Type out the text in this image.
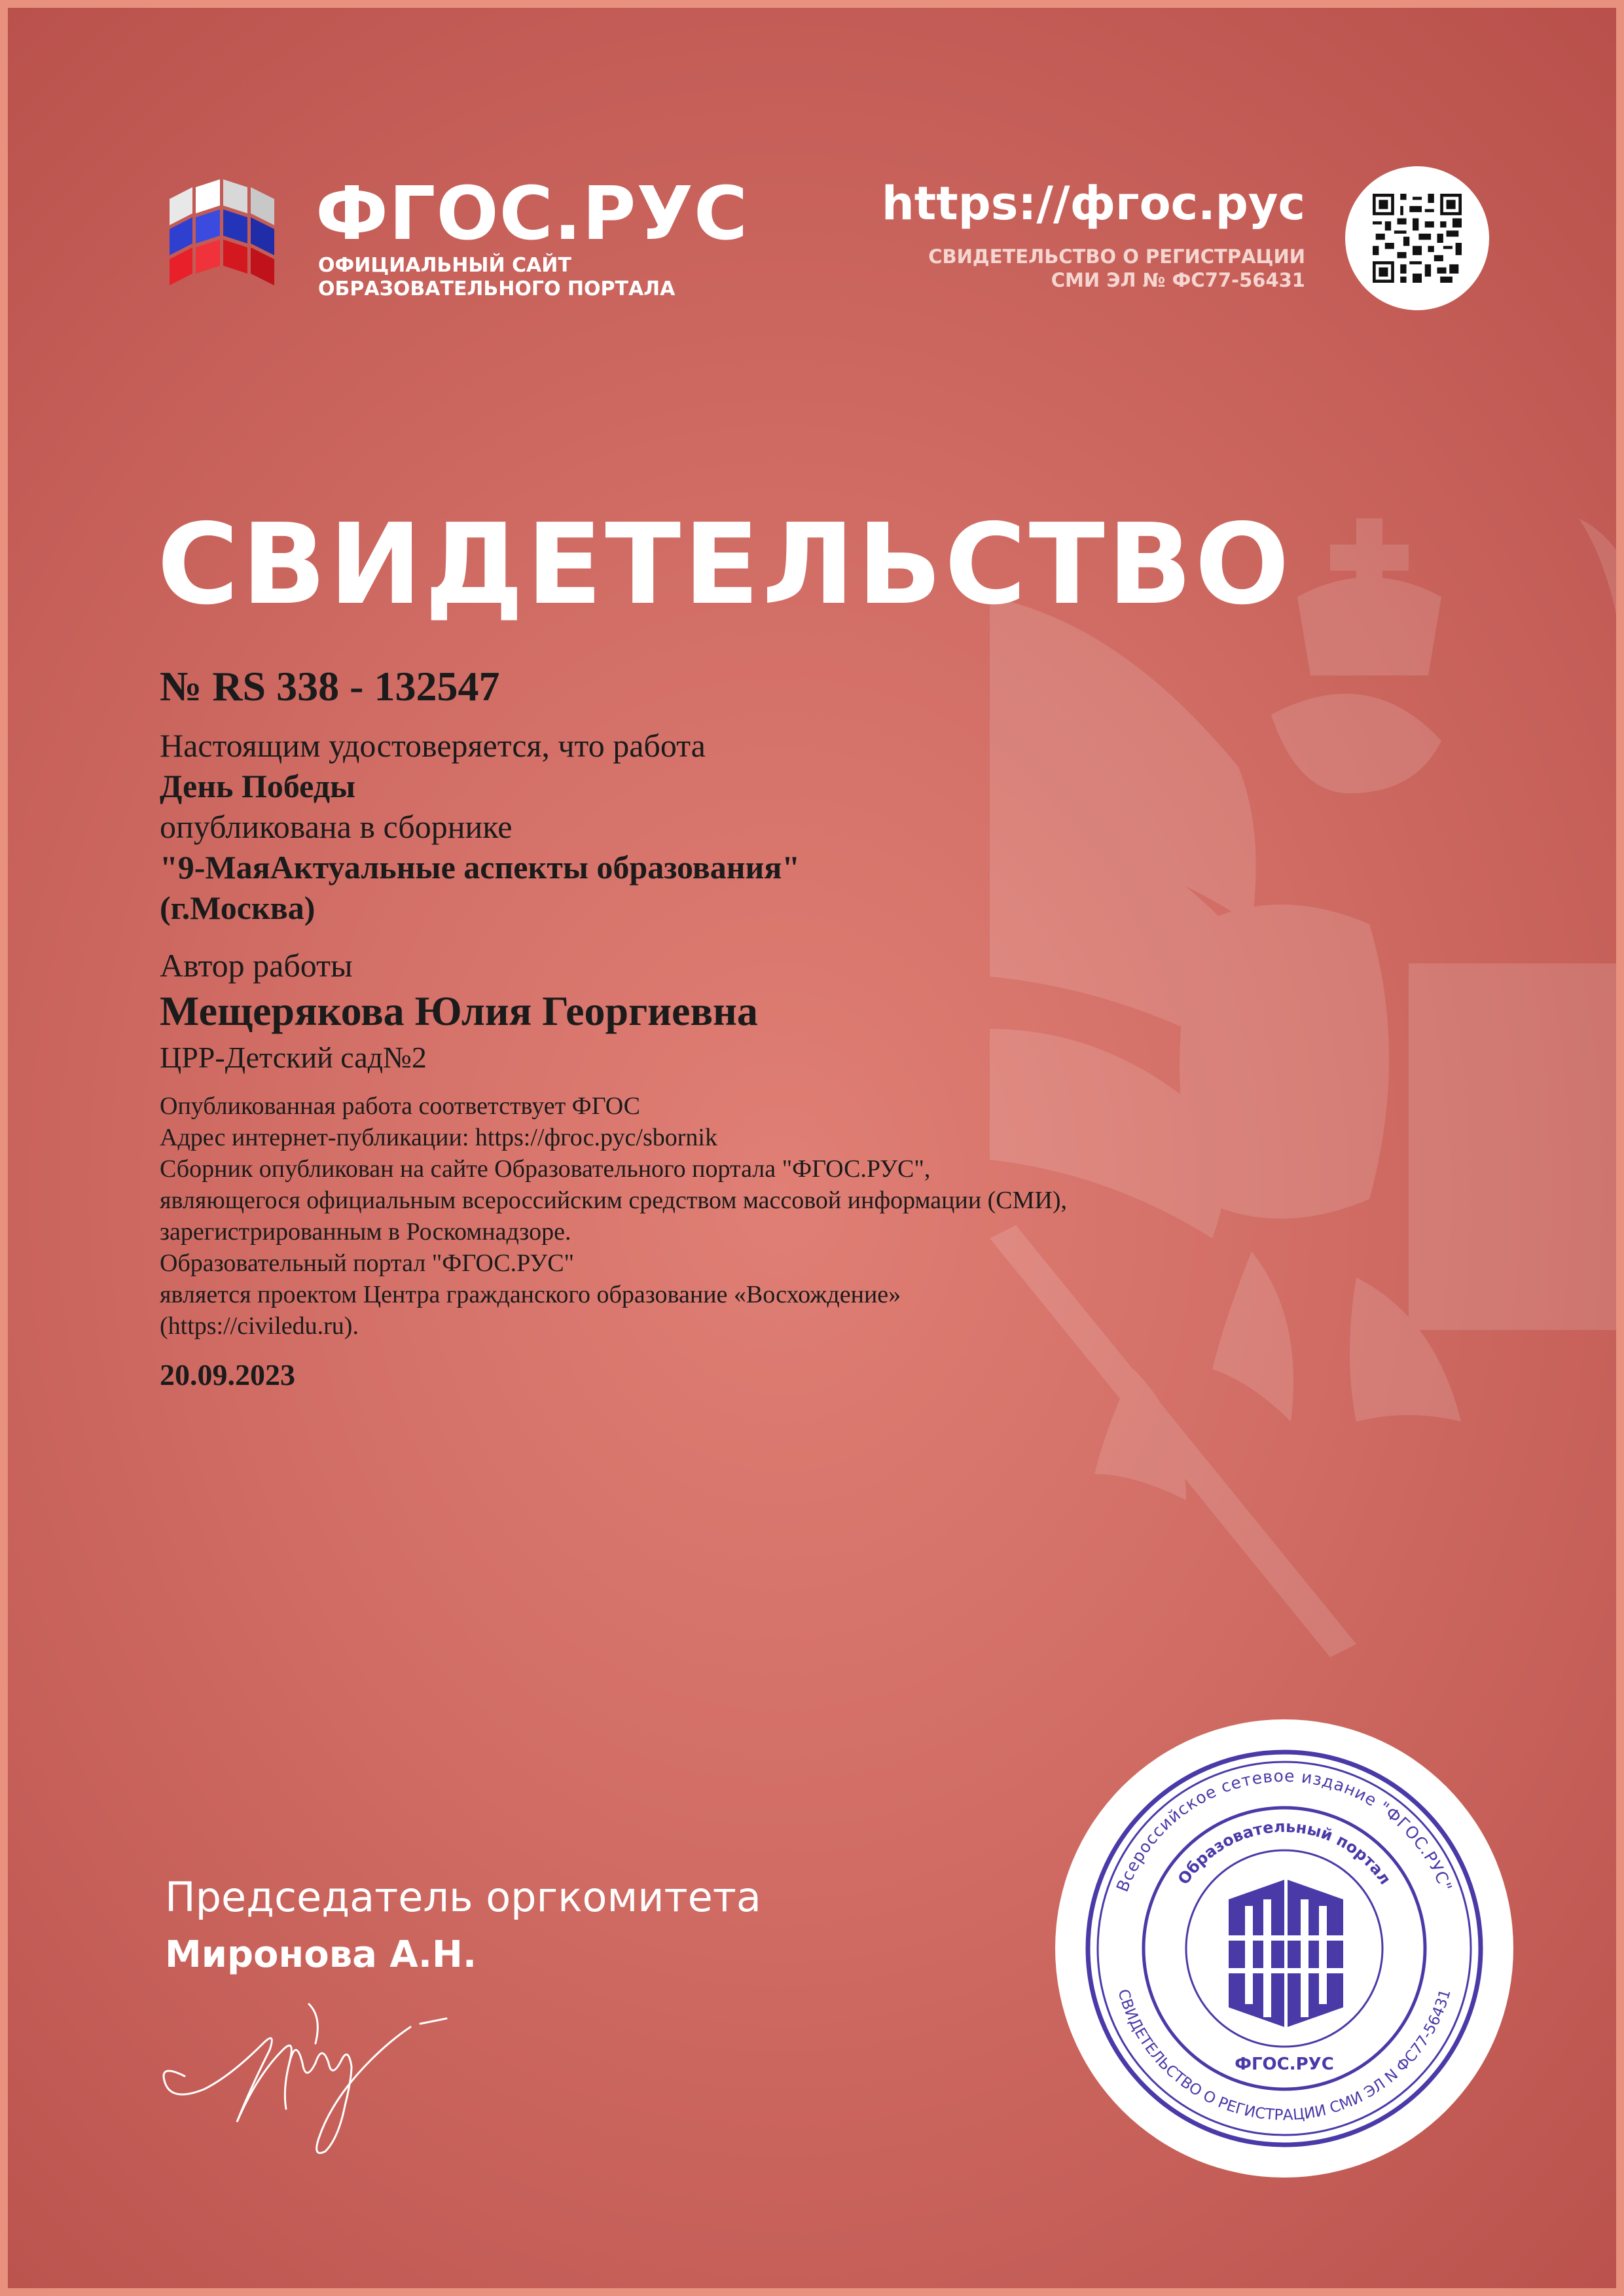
ФГОС.РУС
ОФИЦИАЛЬНЫЙ САЙТ
ОБРАЗОВАТЕЛЬНОГО ПОРТАЛА
https://фгос.рус
СВИДЕТЕЛЬСТВО О РЕГИСТРАЦИИ
СМИ ЭЛ № ФС77-56431
СВИДЕТЕЛЬСТВО
№ RS 338 - 132547
Настоящим удостоверяется, что работа
День Победы
опубликована в сборнике
"9-МаяАктуальные аспекты образования"
(г.Москва)
Автор работы
Мещерякова Юлия Георгиевна
ЦРР-Детский сад№2
Опубликованная работа соответствует ФГОС
Адрес интернет-публикации: https://фгос.рус/sbornik
Сборник опубликован на сайте Образовательного портала "ФГОС.РУС",
являющегося официальным всероссийским средством массовой информации (СМИ),
зарегистрированным в Роскомнадзоре.
Образовательный портал "ФГОС.РУС"
является проектом Центра гражданского образование «Восхождение»
(https://civiledu.ru).
20.09.2023
Председатель оргкомитета
Миронова А.Н.
Всероссийское сетевое издание "ФГОС.РУС"
СВИДЕТЕЛЬСТВО О РЕГИСТРАЦИИ СМИ ЭЛ N ФС77-56431
Образовательный портал
ФГОС.РУС
